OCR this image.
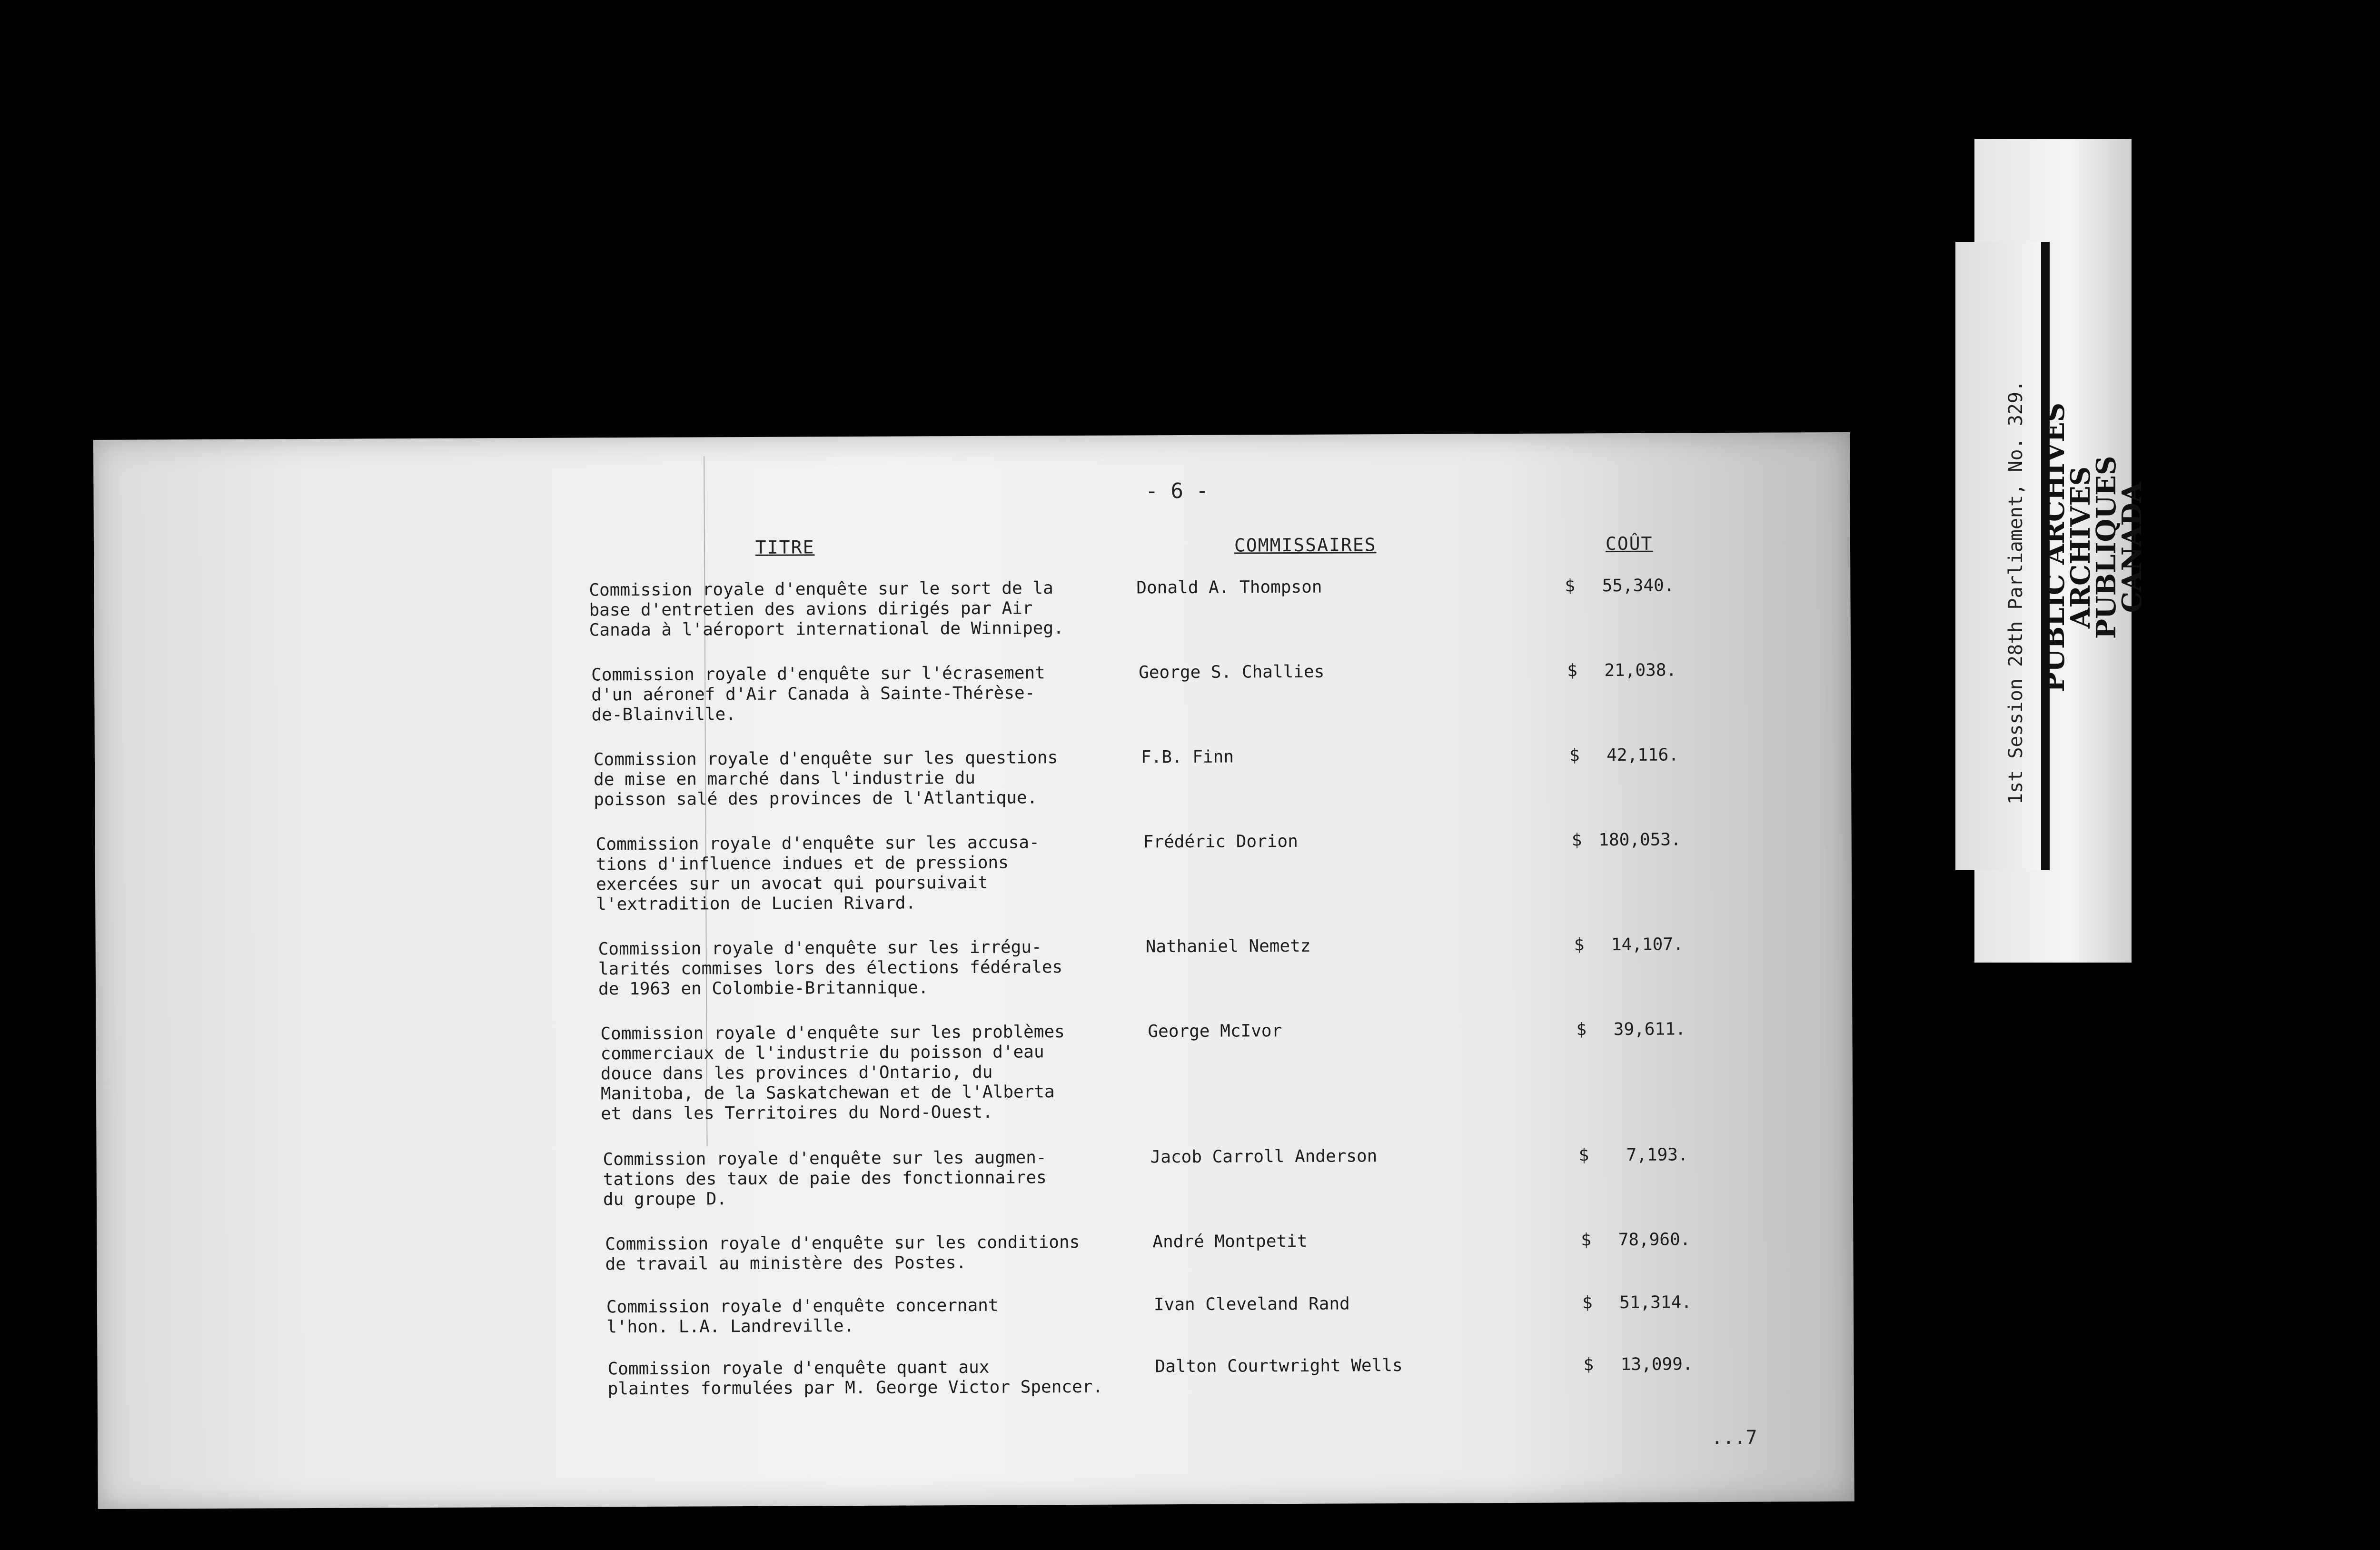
- 6 -
TITRE	COMMISSAIRES	COÛT
Commission royale d'enquête sur le sort de la
base d'entretien des avions dirigés par Air
Canada à l'aéroport international de Winnipeg.
Donald A. Thompson	$	55,340.
Commission royale d'enquête sur l'écrasement
d'un aéronef d'Air Canada à Sainte-Thérèse-
de-Blainville.
George S. Challies	$	21,038.
Commission royale d'enquête sur les questions
de mise en marché dans l'industrie du
poisson salé des provinces de l'Atlantique.
F.B. Finn	$	42,116.
Commission royale d'enquête sur les accusa-
tions d'influence indues et de pressions
exercées sur un avocat qui poursuivait
l'extradition de Lucien Rivard.
Frédéric Dorion	$ 180,053.
Commission royale d'enquête sur les irrégu-
larités commises lors des élections fédérales
de 1963 en Colombie-Britannique.
Nathaniel Nemetz	$	14,107.
Commission royale d'enquête sur les problèmes
commerciaux de l'industrie du poisson d'eau
douce dans les provinces d'Ontario, du
Manitoba, de la Saskatchewan et de l'Alberta
et dans les Territoires du Nord-Ouest.
George McIvor	$	39,611.
Commission royale d'enquête sur les augmen-
tations des taux de paie des fonctionnaires
du groupe D.
Jacob Carroll Anderson	$	7,193.
Commission royale d'enquête sur les conditions
de travail au ministère des Postes.
André Montpetit	$	78,960.
Commission royale d'enquête concernant
l'hon. L.A. Landreville.
Ivan Cleveland Rand	$	51,314.
Commission royale d'enquête quant aux
plaintes formulées par M. George Victor Spencer.
Dalton Courtwright Wells	$	13,099.
...7
1st Session 28th Parliament, No. 329. PUBLIC ARCHIVES
ARCHIVES PUBLIQUES
CANADA
